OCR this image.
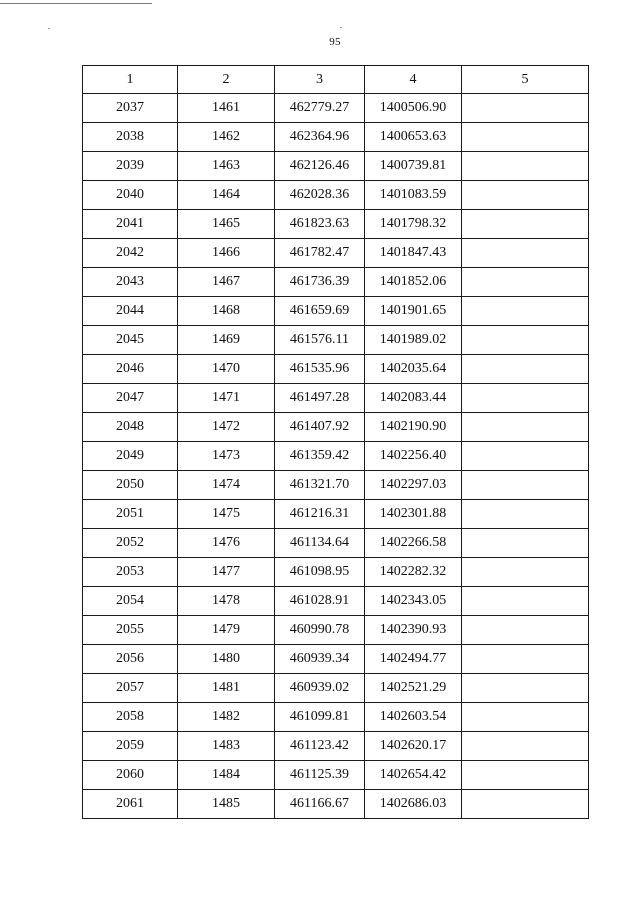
95
1	2	3	4	5
2037	1461	462779.27	1400506.90	
2038	1462	462364.96	1400653.63	
2039	1463	462126.46	1400739.81	
2040	1464	462028.36	1401083.59	
2041	1465	461823.63	1401798.32	
2042	1466	461782.47	1401847.43	
2043	1467	461736.39	1401852.06	
2044	1468	461659.69	1401901.65	
2045	1469	461576.11	1401989.02	
2046	1470	461535.96	1402035.64	
2047	1471	461497.28	1402083.44	
2048	1472	461407.92	1402190.90	
2049	1473	461359.42	1402256.40	
2050	1474	461321.70	1402297.03	
2051	1475	461216.31	1402301.88	
2052	1476	461134.64	1402266.58	
2053	1477	461098.95	1402282.32	
2054	1478	461028.91	1402343.05	
2055	1479	460990.78	1402390.93	
2056	1480	460939.34	1402494.77	
2057	1481	460939.02	1402521.29	
2058	1482	461099.81	1402603.54	
2059	1483	461123.42	1402620.17	
2060	1484	461125.39	1402654.42	
2061	1485	461166.67	1402686.03	
